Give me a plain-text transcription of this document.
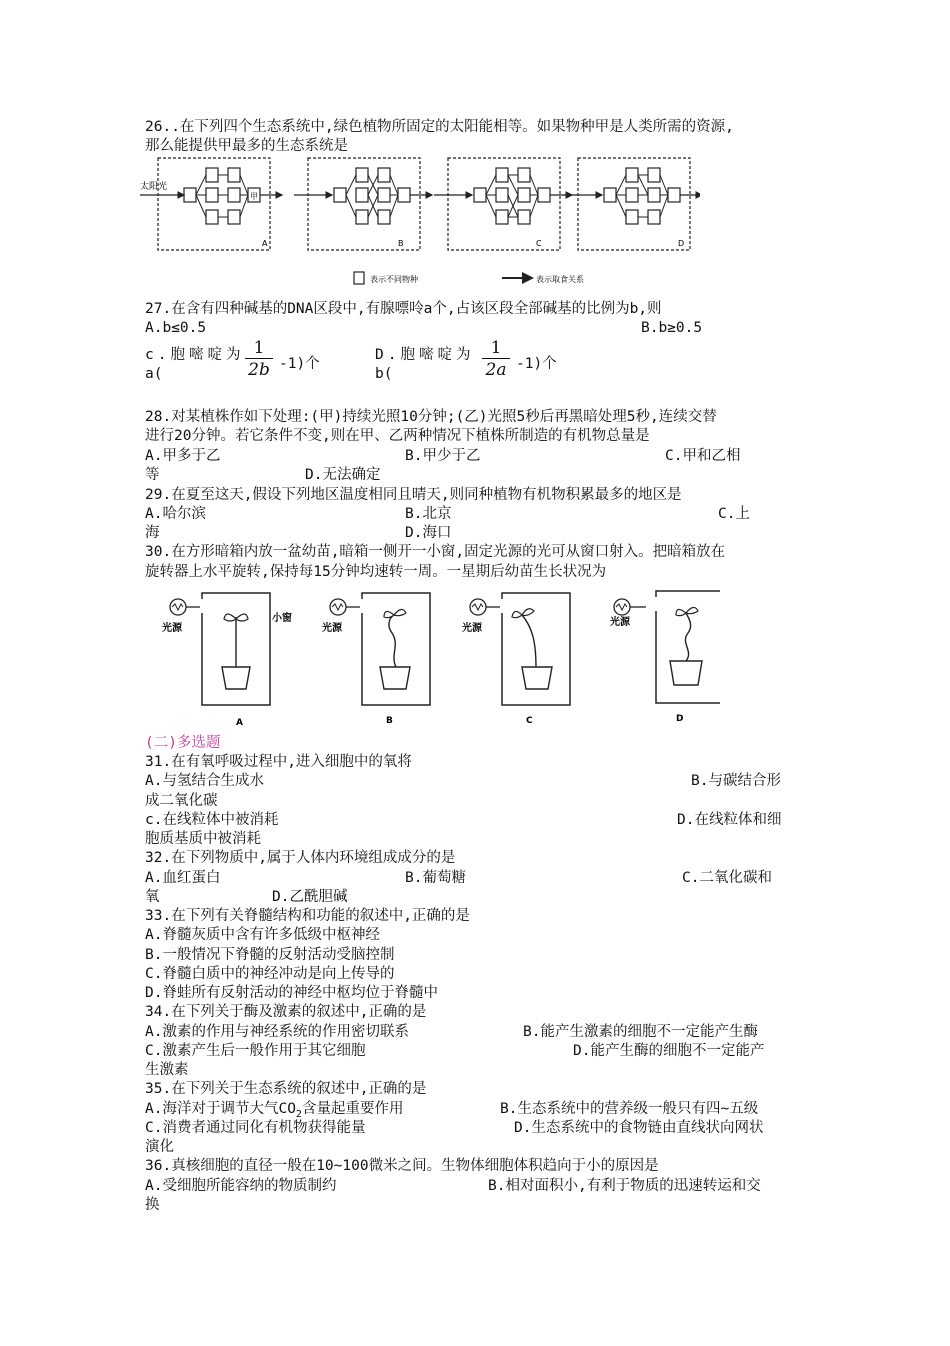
26..在下列四个生态系统中,绿色植物所固定的太阳能相等。如果物种甲是人类所需的资源,
那么能提供甲最多的生态系统是
甲
A
太阳光
B	C	D
表示不同物种	表示取食关系
27.在含有四种碱基的DNA区段中,有腺嘌呤a个,占该区段全部碱基的比例为b,则
A.b≤0.5	B.b≥0.5
c.胞嘧啶为
a(
1
2b -1)个
D.胞嘧啶为
b(
1
2a -1)个
28.对某植株作如下处理:(甲)持续光照10分钟;(乙)光照5秒后再黑暗处理5秒,连续交替
进行20分钟。若它条件不变,则在甲、乙两种情况下植株所制造的有机物总量是
A.甲多于乙	B.甲少于乙	C.甲和乙相
等	D.无法确定
29.在夏至这天,假设下列地区温度相同且晴天,则同种植物有机物积累最多的地区是
A.哈尔滨	B.北京	C.上
海	D.海口
30.在方形暗箱内放一盆幼苗,暗箱一侧开一小窗,固定光源的光可从窗口射入。把暗箱放在
旋转器上水平旋转,保持每15分钟均速转一周。一星期后幼苗生长状况为
光源
小窗
A
光源
B
光源
C
光源
D
(二)多选题
31.在有氧呼吸过程中,进入细胞中的氧将
A.与氢结合生成水	B.与碳结合形
成二氧化碳
c.在线粒体中被消耗	D.在线粒体和细
胞质基质中被消耗
32.在下列物质中,属于人体内环境组成成分的是
A.血红蛋白	B.葡萄糖	C.二氧化碳和
氧	D.乙酰胆碱
33.在下列有关脊髓结构和功能的叙述中,正确的是
A.脊髓灰质中含有许多低级中枢神经
B.一般情况下脊髓的反射活动受脑控制
C.脊髓白质中的神经冲动是向上传导的
D.脊蛙所有反射活动的神经中枢均位于脊髓中
34.在下列关于酶及激素的叙述中,正确的是
A.激素的作用与神经系统的作用密切联系	B.能产生激素的细胞不一定能产生酶
C.激素产生后一般作用于其它细胞	D.能产生酶的细胞不一定能产
生激素
35.在下列关于生态系统的叙述中,正确的是
A.海洋对于调节大气$CO_2$含量起重要作用	B.生态系统中的营养级一般只有四~五级
C.消费者通过同化有机物获得能量	D.生态系统中的食物链由直线状向网状
演化
36.真核细胞的直径一般在10~100微米之间。生物体细胞体积趋向于小的原因是
A.受细胞所能容纳的物质制约	B.相对面积小,有利于物质的迅速转运和交
换
